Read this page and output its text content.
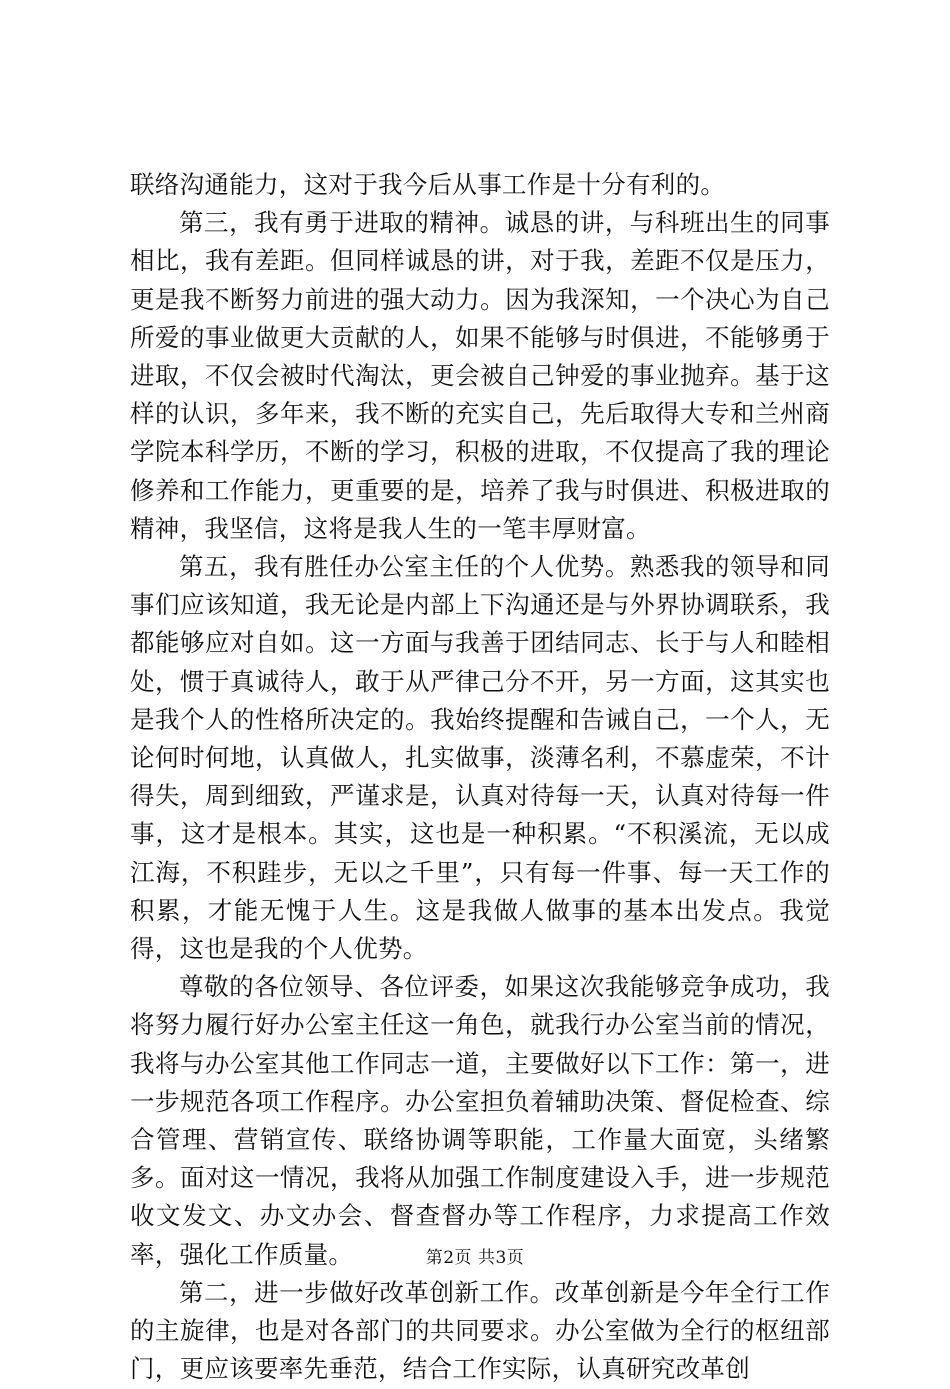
联络沟通能力，这对于我今后从事工作是十分有利的。

第三，我有勇于进取的精神。诚恳的讲，与科班出生的同事相比，我有差距。但同样诚恳的讲，对于我，差距不仅是压力，更是我不断努力前进的强大动力。因为我深知，一个决心为自己所爱的事业做更大贡献的人，如果不能够与时俱进，不能够勇于进取，不仅会被时代淘汰，更会被自己钟爱的事业抛弃。基于这样的认识，多年来，我不断的充实自己，先后取得大专和兰州商学院本科学历，不断的学习，积极的进取，不仅提高了我的理论修养和工作能力，更重要的是，培养了我与时俱进、积极进取的精神，我坚信，这将是我人生的一笔丰厚财富。

第五，我有胜任办公室主任的个人优势。熟悉我的领导和同事们应该知道，我无论是内部上下沟通还是与外界协调联系，我都能够应对自如。这一方面与我善于团结同志、长于与人和睦相处，惯于真诚待人，敢于从严律己分不开，另一方面，这其实也是我个人的性格所决定的。我始终提醒和告诫自己，一个人，无论何时何地，认真做人，扎实做事，淡薄名利，不慕虚荣，不计得失，周到细致，严谨求是，认真对待每一天，认真对待每一件事，这才是根本。其实，这也是一种积累。“不积溪流，无以成江海，不积跬步，无以之千里”，只有每一件事、每一天工作的积累，才能无愧于人生。这是我做人做事的基本出发点。我觉得，这也是我的个人优势。

尊敬的各位领导、各位评委，如果这次我能够竞争成功，我将努力履行好办公室主任这一角色，就我行办公室当前的情况，我将与办公室其他工作同志一道，主要做好以下工作：第一，进一步规范各项工作程序。办公室担负着辅助决策、督促检查、综合管理、营销宣传、联络协调等职能，工作量大面宽，头绪繁多。面对这一情况，我将从加强工作制度建设入手，进一步规范收文发文、办文办会、督查督办等工作程序，力求提高工作效率，强化工作质量。

第二，进一步做好改革创新工作。改革创新是今年全行工作的主旋律，也是对各部门的共同要求。办公室做为全行的枢纽部门，更应该要率先垂范，结合工作实际，认真研究改革创

第2页 共3页
